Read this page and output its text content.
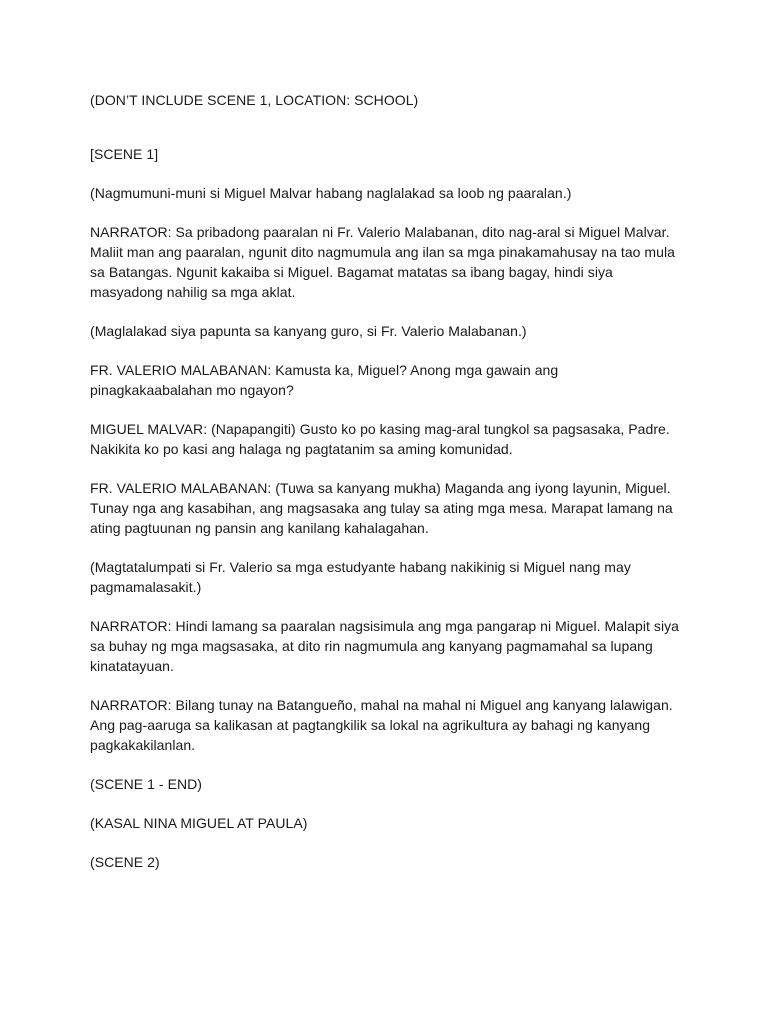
(DON’T INCLUDE SCENE 1, LOCATION: SCHOOL)

[SCENE 1]

(Nagmumuni-muni si Miguel Malvar habang naglalakad sa loob ng paaralan.)

NARRATOR: Sa pribadong paaralan ni Fr. Valerio Malabanan, dito nag-aral si Miguel Malvar. Maliit man ang paaralan, ngunit dito nagmumula ang ilan sa mga pinakamahusay na tao mula sa Batangas. Ngunit kakaiba si Miguel. Bagamat matatas sa ibang bagay, hindi siya masyadong nahilig sa mga aklat.

(Maglalakad siya papunta sa kanyang guro, si Fr. Valerio Malabanan.)

FR. VALERIO MALABANAN: Kamusta ka, Miguel? Anong mga gawain ang pinagkakaabalahan mo ngayon?

MIGUEL MALVAR: (Napapangiti) Gusto ko po kasing mag-aral tungkol sa pagsasaka, Padre. Nakikita ko po kasi ang halaga ng pagtatanim sa aming komunidad.

FR. VALERIO MALABANAN: (Tuwa sa kanyang mukha) Maganda ang iyong layunin, Miguel. Tunay nga ang kasabihan, ang magsasaka ang tulay sa ating mga mesa. Marapat lamang na ating pagtuunan ng pansin ang kanilang kahalagahan.

(Magtatalumpati si Fr. Valerio sa mga estudyante habang nakikinig si Miguel nang may pagmamalasakit.)

NARRATOR: Hindi lamang sa paaralan nagsisimula ang mga pangarap ni Miguel. Malapit siya sa buhay ng mga magsasaka, at dito rin nagmumula ang kanyang pagmamahal sa lupang kinatatayuan.

NARRATOR: Bilang tunay na Batangueño, mahal na mahal ni Miguel ang kanyang lalawigan. Ang pag-aaruga sa kalikasan at pagtangkilik sa lokal na agrikultura ay bahagi ng kanyang pagkakakilanlan.

(SCENE 1 - END)

(KASAL NINA MIGUEL AT PAULA)

(SCENE 2)
